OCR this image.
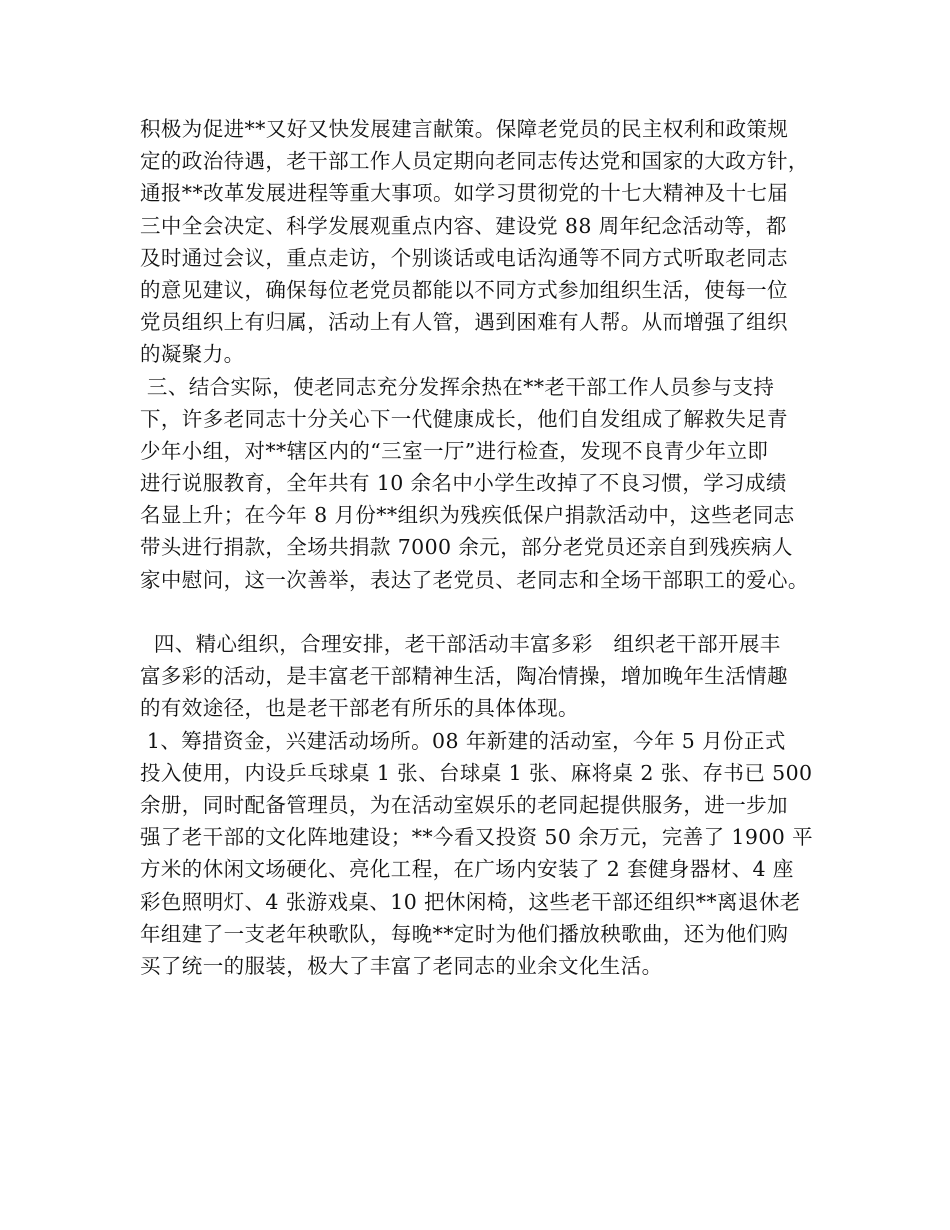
积极为促进**又好又快发展建言献策。保障老党员的民主权利和政策规
定的政治待遇，老干部工作人员定期向老同志传达党和国家的大政方针，
通报**改革发展进程等重大事项。如学习贯彻党的十七大精神及十七届
三中全会决定、科学发展观重点内容、建设党 88 周年纪念活动等，都
及时通过会议，重点走访，个别谈话或电话沟通等不同方式听取老同志
的意见建议，确保每位老党员都能以不同方式参加组织生活，使每一位
党员组织上有归属，活动上有人管，遇到困难有人帮。从而增强了组织
的凝聚力。

三、结合实际，使老同志充分发挥余热在**老干部工作人员参与支持
下，许多老同志十分关心下一代健康成长，他们自发组成了解救失足青
少年小组，对**辖区内的“三室一厅”进行检查，发现不良青少年立即
进行说服教育，全年共有 10 余名中小学生改掉了不良习惯，学习成绩
名显上升；在今年 8 月份**组织为残疾低保户捐款活动中，这些老同志
带头进行捐款，全场共捐款 7000 余元，部分老党员还亲自到残疾病人
家中慰问，这一次善举，表达了老党员、老同志和全场干部职工的爱心。

四、精心组织，合理安排，老干部活动丰富多彩   组织老干部开展丰
富多彩的活动，是丰富老干部精神生活，陶冶情操，增加晚年生活情趣
的有效途径，也是老干部老有所乐的具体体现。

1、筹措资金，兴建活动场所。08 年新建的活动室，今年 5 月份正式
投入使用，内设乒乓球桌 1 张、台球桌 1 张、麻将桌 2 张、存书已 500
余册，同时配备管理员，为在活动室娱乐的老同起提供服务，进一步加
强了老干部的文化阵地建设；**今看又投资 50 余万元，完善了 1900 平
方米的休闲文场硬化、亮化工程，在广场内安装了 2 套健身器材、4 座
彩色照明灯、4 张游戏桌、10 把休闲椅，这些老干部还组织**离退休老
年组建了一支老年秧歌队，每晚**定时为他们播放秧歌曲，还为他们购
买了统一的服装，极大了丰富了老同志的业余文化生活。
